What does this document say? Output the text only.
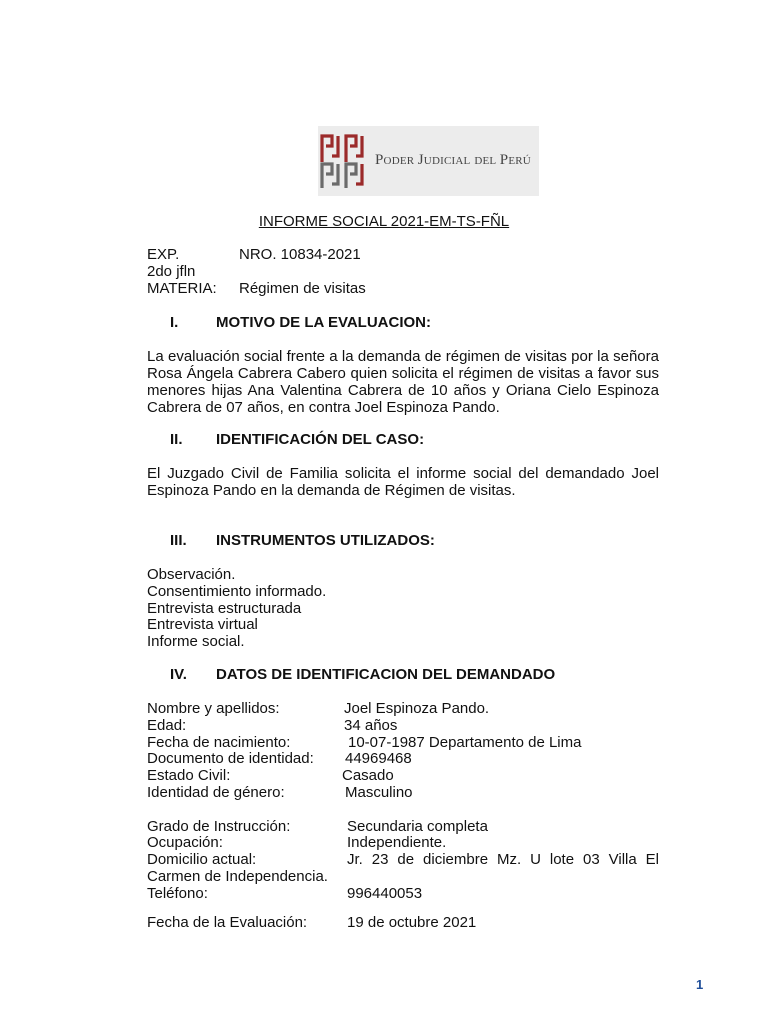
Poder Judicial del Perú
INFORME SOCIAL 2021-EM-TS-FÑL
EXP.	NRO. 10834-2021
2do jfln
MATERIA: Régimen de visitas
I.	MOTIVO DE LA EVALUACION:
La evaluación social frente a la demanda de régimen de visitas por la señora Rosa Ángela Cabrera Cabero quien solicita el régimen de visitas a favor sus menores hijas Ana Valentina Cabrera de 10 años y Oriana Cielo Espinoza Cabrera de 07 años, en contra Joel Espinoza Pando.
II. IDENTIFICACIÓN DEL CASO:
El Juzgado Civil de Familia solicita el informe social del demandado Joel Espinoza Pando en la demanda de Régimen de visitas.
III. INSTRUMENTOS UTILIZADOS:
Observación.
Consentimiento informado.
Entrevista estructurada
Entrevista virtual
Informe social.
IV. DATOS DE IDENTIFICACION DEL DEMANDADO
Nombre y apellidos:	Joel Espinoza Pando.
Edad:	34 años
Fecha de nacimiento:	10-07-1987 Departamento de Lima
Documento de identidad: 44969468
Estado Civil:	Casado
Identidad de género:	Masculino
Grado de Instrucción:	Secundaria completa
Ocupación:	Independiente.
Domicilio actual:	Jr. 23 de diciembre Mz. U lote 03 Villa El
Carmen de Independencia.
Teléfono:	996440053
Fecha de la Evaluación:	19 de octubre 2021
1
